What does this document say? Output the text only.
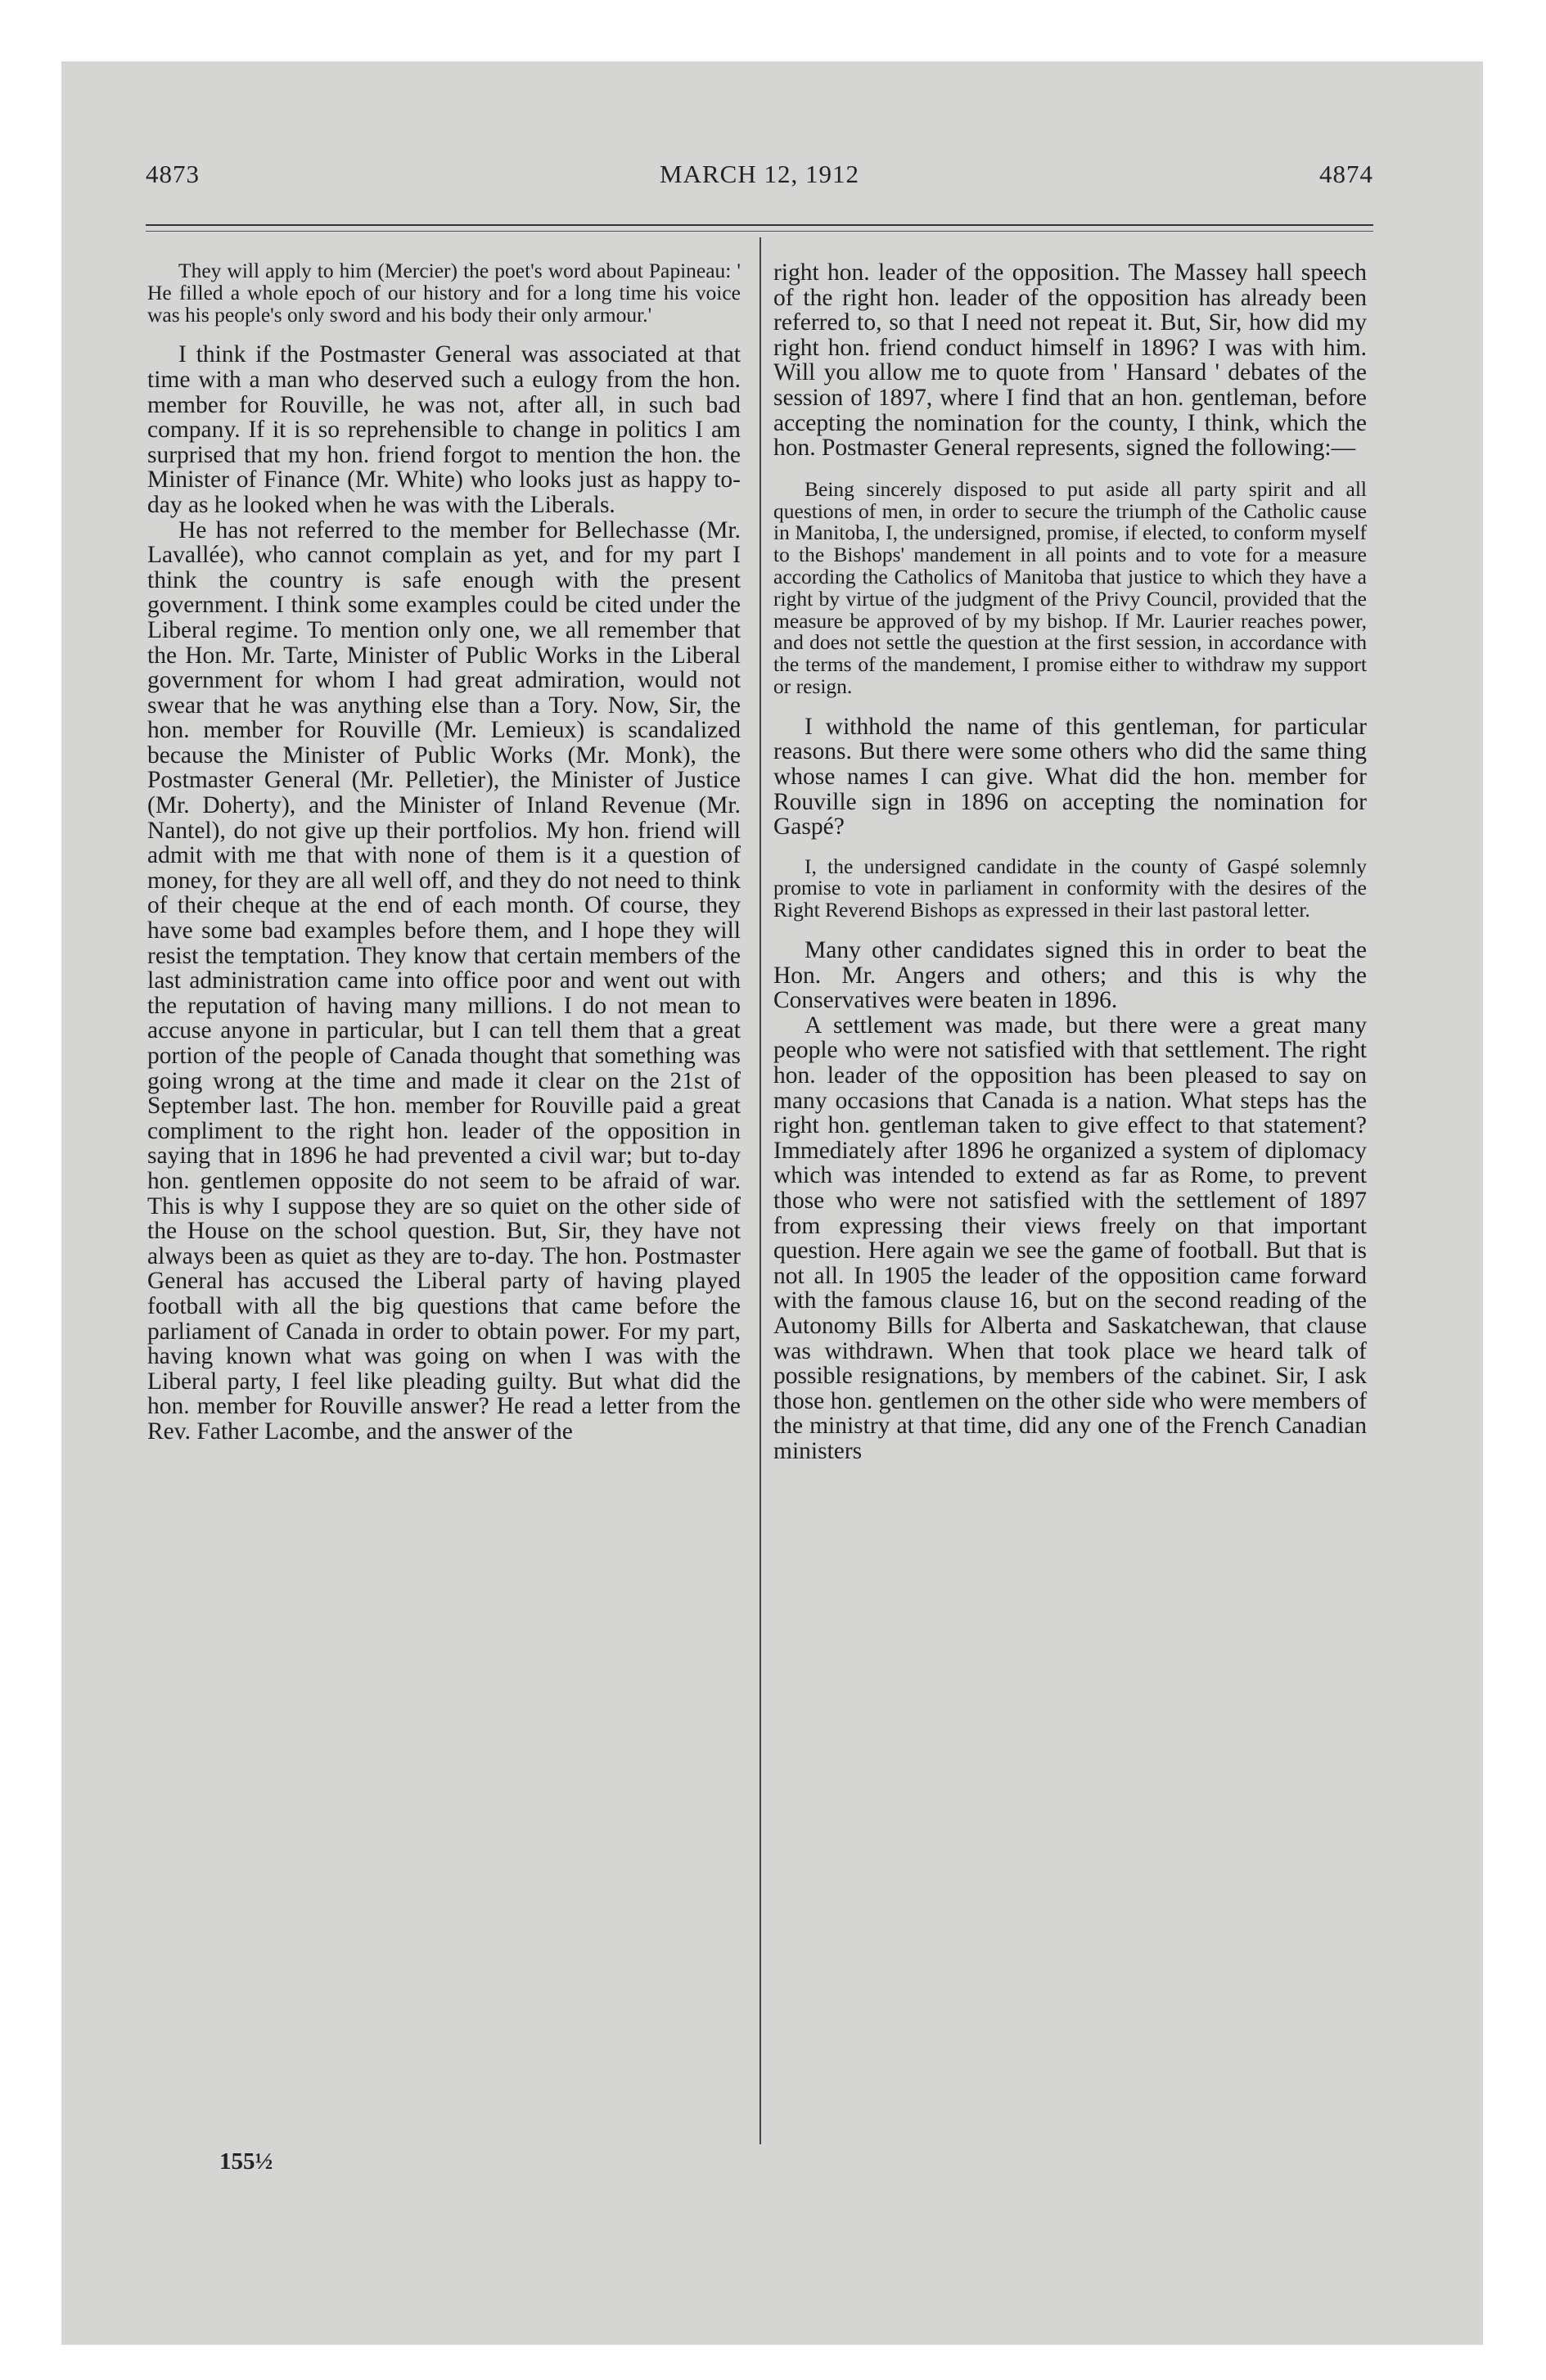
MARCH 12, 1912
4873	4874

They will apply to him (Mercier) the poet's word about Papineau: ' He filled a whole epoch of our history and for a long time his voice was his people's only sword and his body their only armour.'

I think if the Postmaster General was associated at that time with a man who deserved such a eulogy from the hon. member for Rouville, he was not, after all, in such bad company. If it is so reprehensible to change in politics I am surprised that my hon. friend forgot to mention the hon. the Minister of Finance (Mr. White) who looks just as happy to-day as he looked when he was with the Liberals.

He has not referred to the member for Bellechasse (Mr. Lavallée), who cannot complain as yet, and for my part I think the country is safe enough with the present government. I think some examples could be cited under the Liberal regime. To mention only one, we all remember that the Hon. Mr. Tarte, Minister of Public Works in the Liberal government for whom I had great admiration, would not swear that he was anything else than a Tory. Now, Sir, the hon. member for Rouville (Mr. Lemieux) is scandalized because the Minister of Public Works (Mr. Monk), the Postmaster General (Mr. Pelletier), the Minister of Justice (Mr. Doherty), and the Minister of Inland Revenue (Mr. Nantel), do not give up their portfolios. My hon. friend will admit with me that with none of them is it a question of money, for they are all well off, and they do not need to think of their cheque at the end of each month. Of course, they have some bad examples before them, and I hope they will resist the temptation. They know that certain members of the last administration came into office poor and went out with the reputation of having many millions. I do not mean to accuse anyone in particular, but I can tell them that a great portion of the people of Canada thought that something was going wrong at the time and made it clear on the 21st of September last. The hon. member for Rouville paid a great compliment to the right hon. leader of the opposition in saying that in 1896 he had prevented a civil war; but to-day hon. gentlemen opposite do not seem to be afraid of war. This is why I suppose they are so quiet on the other side of the House on the school question. But, Sir, they have not always been as quiet as they are to-day. The hon. Postmaster General has accused the Liberal party of having played football with all the big questions that came before the parliament of Canada in order to obtain power. For my part, having known what was going on when I was with the Liberal party, I feel like pleading guilty. But what did the hon. member for Rouville answer? He read a letter from the Rev. Father Lacombe, and the answer of the

right hon. leader of the opposition. The Massey hall speech of the right hon. leader of the opposition has already been referred to, so that I need not repeat it. But, Sir, how did my right hon. friend conduct himself in 1896? I was with him. Will you allow me to quote from ' Hansard ' debates of the session of 1897, where I find that an hon. gentleman, before accepting the nomination for the county, I think, which the hon. Postmaster General represents, signed the following:—

Being sincerely disposed to put aside all party spirit and all questions of men, in order to secure the triumph of the Catholic cause in Manitoba, I, the undersigned, promise, if elected, to conform myself to the Bishops' mandement in all points and to vote for a measure according the Catholics of Manitoba that justice to which they have a right by virtue of the judgment of the Privy Council, provided that the measure be approved of by my bishop. If Mr. Laurier reaches power, and does not settle the question at the first session, in accordance with the terms of the mandement, I promise either to withdraw my support or resign.

I withhold the name of this gentleman, for particular reasons. But there were some others who did the same thing whose names I can give. What did the hon. member for Rouville sign in 1896 on accepting the nomination for Gaspé?

I, the undersigned candidate in the county of Gaspé solemnly promise to vote in parliament in conformity with the desires of the Right Reverend Bishops as expressed in their last pastoral letter.

Many other candidates signed this in order to beat the Hon. Mr. Angers and others; and this is why the Conservatives were beaten in 1896.

A settlement was made, but there were a great many people who were not satisfied with that settlement. The right hon. leader of the opposition has been pleased to say on many occasions that Canada is a nation. What steps has the right hon. gentleman taken to give effect to that statement? Immediately after 1896 he organized a system of diplomacy which was intended to extend as far as Rome, to prevent those who were not satisfied with the settlement of 1897 from expressing their views freely on that important question. Here again we see the game of football. But that is not all. In 1905 the leader of the opposition came forward with the famous clause 16, but on the second reading of the Autonomy Bills for Alberta and Saskatchewan, that clause was withdrawn. When that took place we heard talk of possible resignations, by members of the cabinet. Sir, I ask those hon. gentlemen on the other side who were members of the ministry at that time, did any one of the French Canadian ministers

155½
